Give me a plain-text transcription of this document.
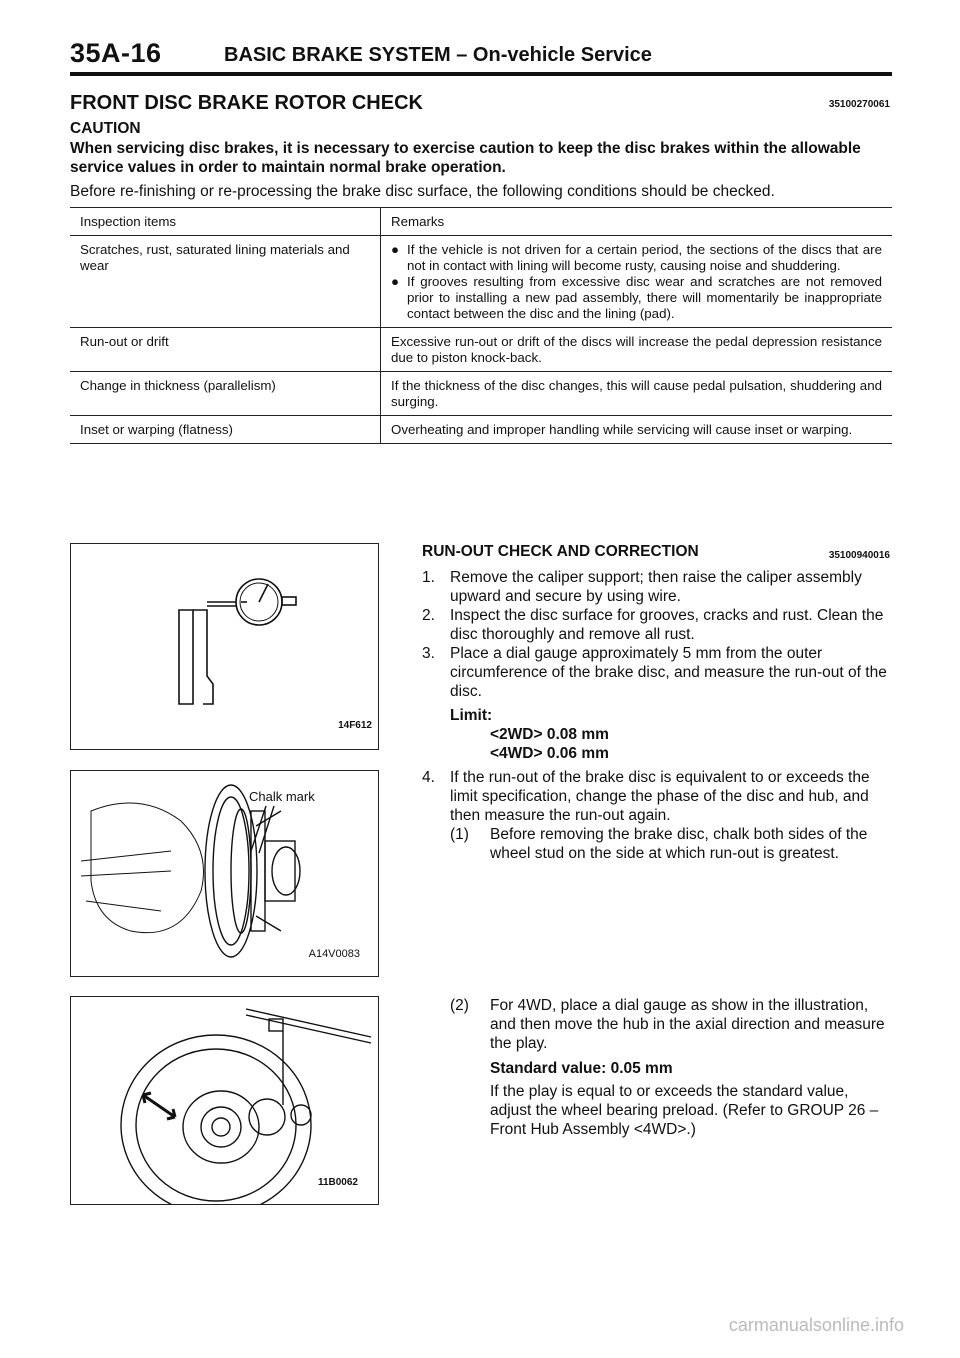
35A-16	BASIC BRAKE SYSTEM – On-vehicle Service
FRONT DISC BRAKE ROTOR CHECK	35100270061
CAUTION
When servicing disc brakes, it is necessary to exercise caution to keep the disc brakes within the allowable service values in order to maintain normal brake operation.
Before re-finishing or re-processing the brake disc surface, the following conditions should be checked.
Inspection items	Remarks
Scratches, rust, saturated lining materials and wear	● If the vehicle is not driven for a certain period, the sections of the discs that are not in contact with lining will become rusty, causing noise and shuddering.
● If grooves resulting from excessive disc wear and scratches are not removed prior to installing a new pad assembly, there will momentarily be inappropriate contact between the disc and the lining (pad).

Run-out or drift	Excessive run-out or drift of the discs will increase the pedal depression resistance due to piston knock-back.
Change in thickness (parallelism)	If the thickness of the disc changes, this will cause pedal pulsation, shuddering and surging.
Inset or warping (flatness)	Overheating and improper handling while servicing will cause inset or warping.
14F612
Chalk mark
A14V0083
11B0062
RUN-OUT CHECK AND CORRECTION	35100940016
1. Remove the caliper support; then raise the caliper assembly upward and secure by using wire.
2. Inspect the disc surface for grooves, cracks and rust. Clean the disc thoroughly and remove all rust.
3. Place a dial gauge approximately 5 mm from the outer circumference of the brake disc, and measure the run-out of the disc.
Limit:
<2WD> 0.08 mm
<4WD> 0.06 mm
4. If the run-out of the brake disc is equivalent to or exceeds the limit specification, change the phase of the disc and hub, and then measure the run-out again.
(1)	Before removing the brake disc, chalk both sides of the wheel stud on the side at which run-out is greatest.
(2)	For 4WD, place a dial gauge as show in the illustration, and then move the hub in the axial direction and measure the play.
Standard value: 0.05 mm
If the play is equal to or exceeds the standard value, adjust the wheel bearing preload. (Refer to GROUP 26 – Front Hub Assembly <4WD>.)
carmanualsonline.info
